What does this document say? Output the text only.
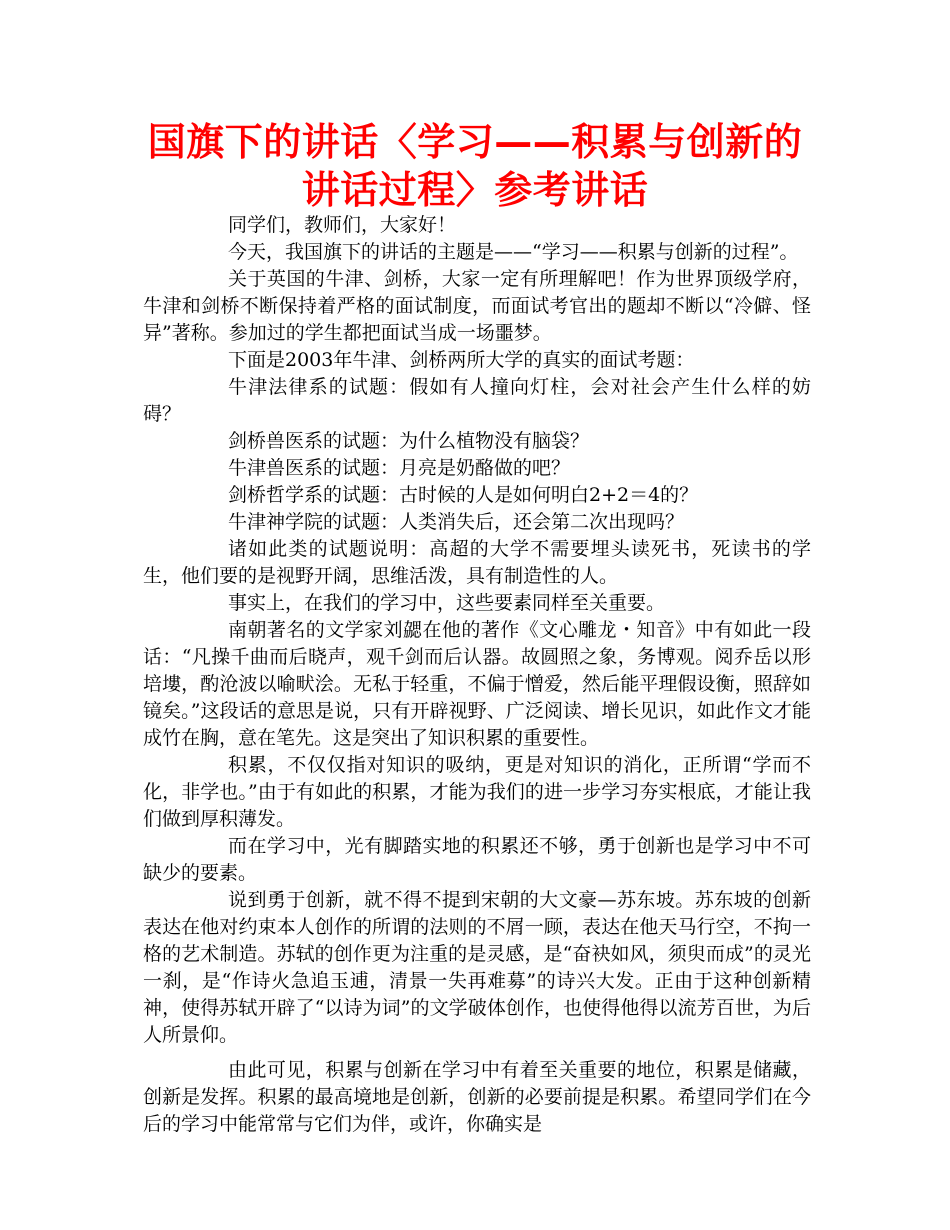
国旗下的讲话〈学习——积累与创新的讲话过程〉参考讲话

同学们，教师们，大家好！

今天，我国旗下的讲话的主题是——“学习——积累与创新的过程”。

关于英国的牛津、剑桥，大家一定有所理解吧！作为世界顶级学府，牛津和剑桥不断保持着严格的面试制度，而面试考官出的题却不断以“冷僻、怪异”著称。参加过的学生都把面试当成一场噩梦。

下面是2003年牛津、剑桥两所大学的真实的面试考题：

牛津法律系的试题：假如有人撞向灯柱，会对社会产生什么样的妨碍？

剑桥兽医系的试题：为什么植物没有脑袋？

牛津兽医系的试题：月亮是奶酪做的吧？

剑桥哲学系的试题：古时候的人是如何明白2+2＝4的？

牛津神学院的试题：人类消失后，还会第二次出现吗？

诸如此类的试题说明：高超的大学不需要埋头读死书，死读书的学生，他们要的是视野开阔，思维活泼，具有制造性的人。

事实上，在我们的学习中，这些要素同样至关重要。

南朝著名的文学家刘勰在他的著作《文心雕龙・知音》中有如此一段话：“凡操千曲而后晓声，观千剑而后认器。故圆照之象，务博观。阅乔岳以形培塿，酌沧波以喻畎浍。无私于轻重，不偏于憎爱，然后能平理假设衡，照辞如镜矣。”这段话的意思是说，只有开辟视野、广泛阅读、增长见识，如此作文才能成竹在胸，意在笔先。这是突出了知识积累的重要性。

积累，不仅仅指对知识的吸纳，更是对知识的消化，正所谓“学而不化，非学也。”由于有如此的积累，才能为我们的进一步学习夯实根底，才能让我们做到厚积薄发。

而在学习中，光有脚踏实地的积累还不够，勇于创新也是学习中不可缺少的要素。

说到勇于创新，就不得不提到宋朝的大文豪—苏东坡。苏东坡的创新表达在他对约束本人创作的所谓的法则的不屑一顾，表达在他天马行空，不拘一格的艺术制造。苏轼的创作更为注重的是灵感，是“奋袂如风，须臾而成”的灵光一刹，是“作诗火急追玉逋，清景一失再难募”的诗兴大发。正由于这种创新精神，使得苏轼开辟了“以诗为词”的文学破体创作，也使得他得以流芳百世，为后人所景仰。

由此可见，积累与创新在学习中有着至关重要的地位，积累是储藏，创新是发挥。积累的最高境地是创新，创新的必要前提是积累。希望同学们在今后的学习中能常常与它们为伴，或许，你确实是
